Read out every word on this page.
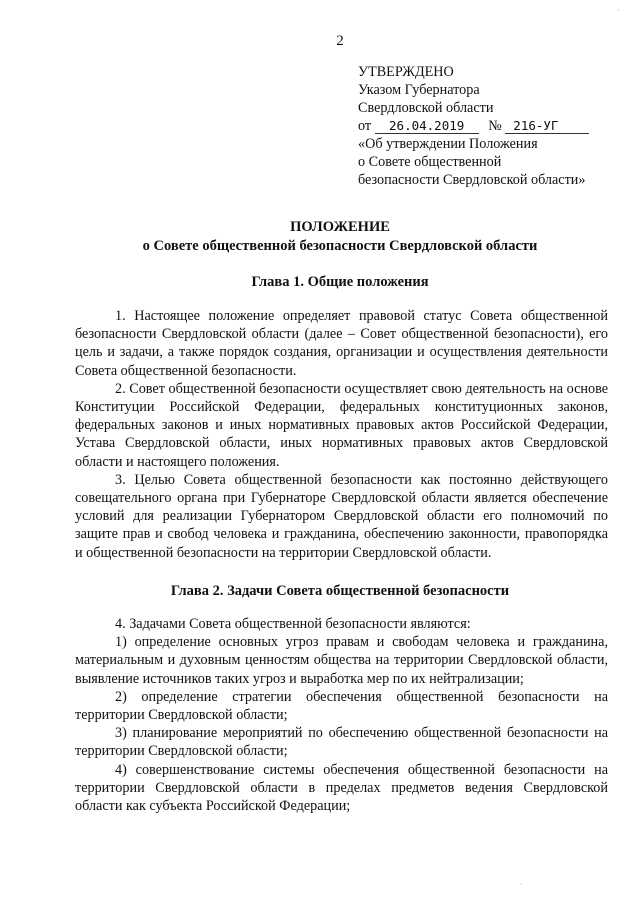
2
УТВЕРЖДЕНО
Указом Губернатора
Свердловской области
от 26.04.2019 № 216-УГ
«Об утверждении Положения
о Совете общественной
безопасности Свердловской области»
ПОЛОЖЕНИЕ
о Совете общественной безопасности Свердловской области
Глава 1. Общие положения

1. Настоящее положение определяет правовой статус Совета общественной безопасности Свердловской области (далее – Совет общественной безопасности), его цель и задачи, а также порядок создания, организации и осуществления деятельности Совета общественной безопасности.

2. Совет общественной безопасности осуществляет свою деятельность на основе Конституции Российской Федерации, федеральных конституционных законов, федеральных законов и иных нормативных правовых актов Российской Федерации, Устава Свердловской области, иных нормативных правовых актов Свердловской области и настоящего положения.

3. Целью Совета общественной безопасности как постоянно действующего совещательного органа при Губернаторе Свердловской области является обеспечение условий для реализации Губернатором Свердловской области его полномочий по защите прав и свобод человека и гражданина, обеспечению законности, правопорядка и общественной безопасности на территории Свердловской области.

Глава 2. Задачи Совета общественной безопасности

4. Задачами Совета общественной безопасности являются:

1) определение основных угроз правам и свободам человека и гражданина, материальным и духовным ценностям общества на территории Свердловской области, выявление источников таких угроз и выработка мер по их нейтрализации;

2) определение стратегии обеспечения общественной безопасности на территории Свердловской области;

3) планирование мероприятий по обеспечению общественной безопасности на территории Свердловской области;

4) совершенствование системы обеспечения общественной безопасности на территории Свердловской области в пределах предметов ведения Свердловской области как субъекта Российской Федерации;

·
·
